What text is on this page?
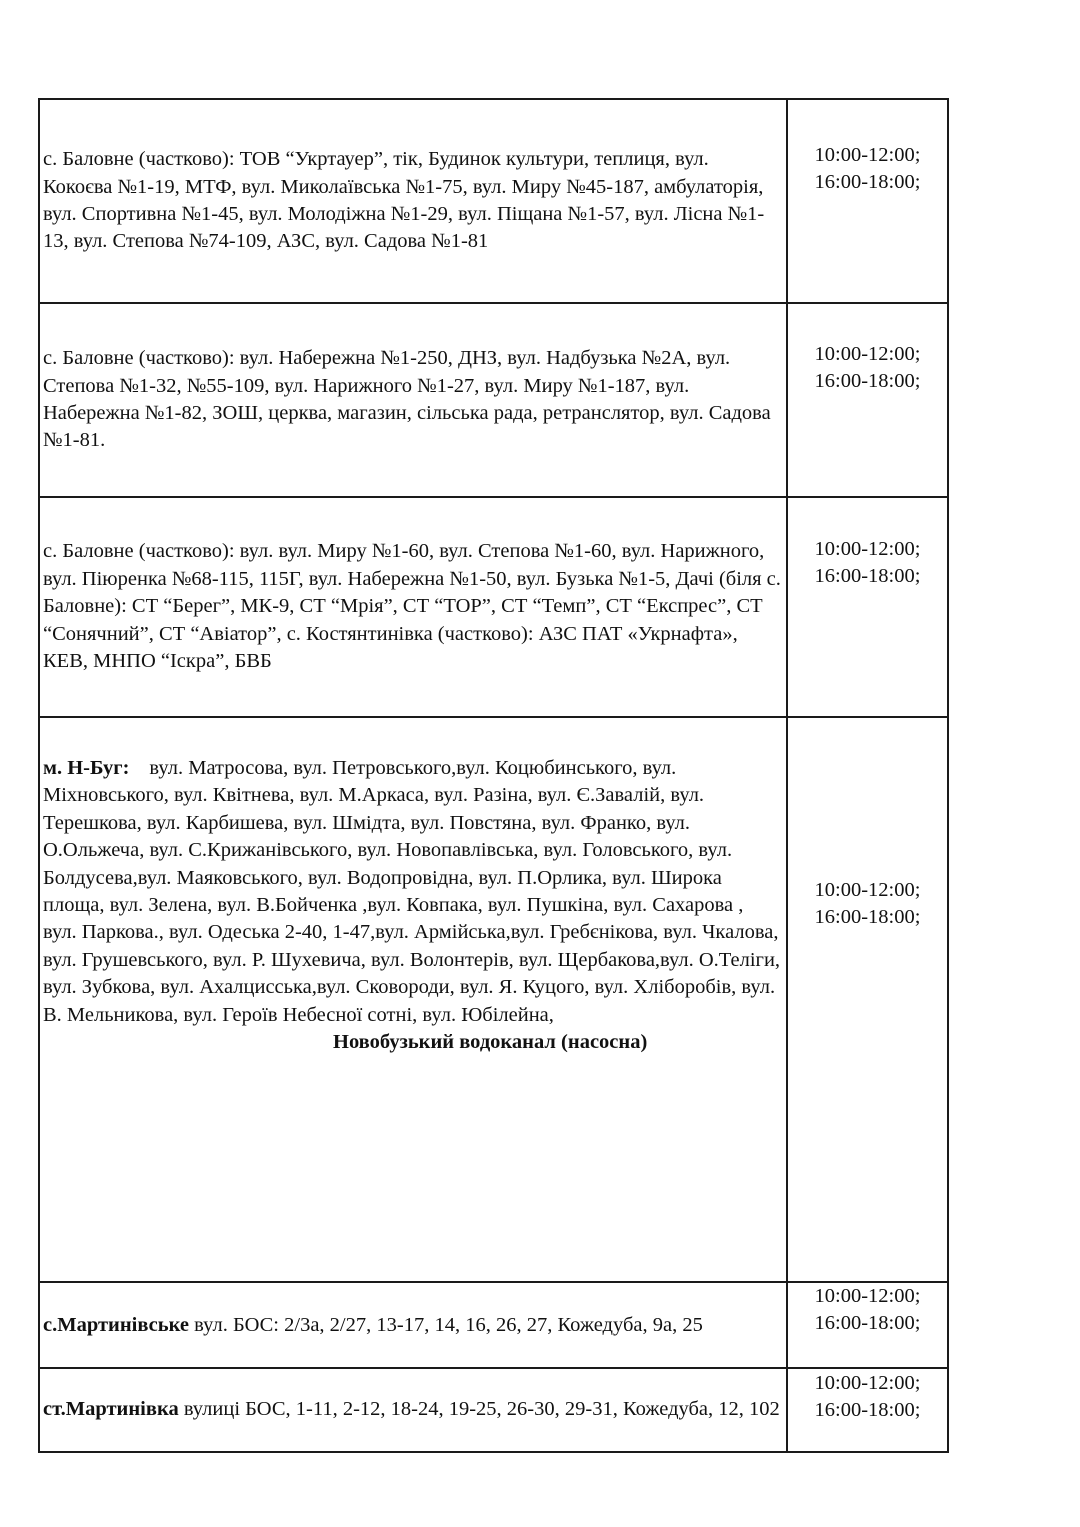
с. Баловне (частково): ТОВ “Укртауер”, тік, Будинок культури, теплиця, вул. Кокоєва №1-19, МТФ, вул. Миколаївська №1-75, вул. Миру №45-187, амбулаторія, вул. Спортивна №1-45, вул. Молодіжна №1-29, вул. Піщана №1-57, вул. Лісна №1-13, вул. Степова №74-109, АЗС, вул. Садова №1-81	10:00-12:00;
16:00-18:00;

с. Баловне (частково): вул. Набережна №1-250, ДНЗ, вул. Надбузька №2А, вул. Степова №1-32, №55-109, вул. Нарижного №1-27, вул. Миру №1-187, вул. Набережна №1-82, ЗОШ, церква, магазин, сільська рада, ретранслятор, вул. Садова №1-81.	10:00-12:00;
16:00-18:00;

с. Баловне (частково): вул. вул. Миру №1-60, вул. Степова №1-60, вул. Нарижного, вул. Піюренка №68-115, 115Г, вул. Набережна №1-50, вул. Бузька №1-5, Дачі (біля с. Баловне): СТ “Берег”, МК-9, СТ “Мрія”, СТ “ТОР”, СТ “Темп”, СТ “Експрес”, СТ “Сонячний”, СТ “Авіатор”, с. Костянтинівка (частково): АЗС ПАТ «Укрнафта», КЕВ, МНПО “Іскра”, БВБ	10:00-12:00;
16:00-18:00;

м. Н-Буг: вул. Матросова, вул. Петровського,вул. Коцюбинського, вул. Міхновського, вул. Квітнева, вул. М.Аркаса, вул. Разіна, вул. Є.Завалій, вул. Терешкова, вул. Карбишева, вул. Шмідта, вул. Повстяна, вул. Франко, вул. О.Ольжеча, вул. С.Крижанівського, вул. Новопавлівська, вул. Головського, вул. Болдусева,вул. Маяковського, вул. Водопровідна, вул. П.Орлика, вул. Широка площа, вул. Зелена, вул. В.Бойченка ,вул. Ковпака, вул. Пушкіна, вул. Сахарова , вул. Паркова., вул. Одеська 2-40, 1-47,вул. Армійська,вул. Гребєнікова, вул. Чкалова, вул. Грушевського, вул. Р. Шухевича, вул. Волонтерів, вул. Щербакова,вул. О.Теліги, вул. Зубкова, вул. Ахалцисська,вул. Сковороди, вул. Я. Куцого, вул. Хліборобів, вул. В. Мельникова, вул. Героїв Небесної сотні, вул. Юбілейна,Новобузький водоканал (насосна)	10:00-12:00;
16:00-18:00;

с.Мартинівське вул. БОС: 2/3а, 2/27, 13-17, 14, 16, 26, 27, Кожедуба, 9а, 25	10:00-12:00;
16:00-18:00;

ст.Мартинівка вулиці БОС, 1-11, 2-12, 18-24, 19-25, 26-30, 29-31, Кожедуба, 12, 102	10:00-12:00;
16:00-18:00;
